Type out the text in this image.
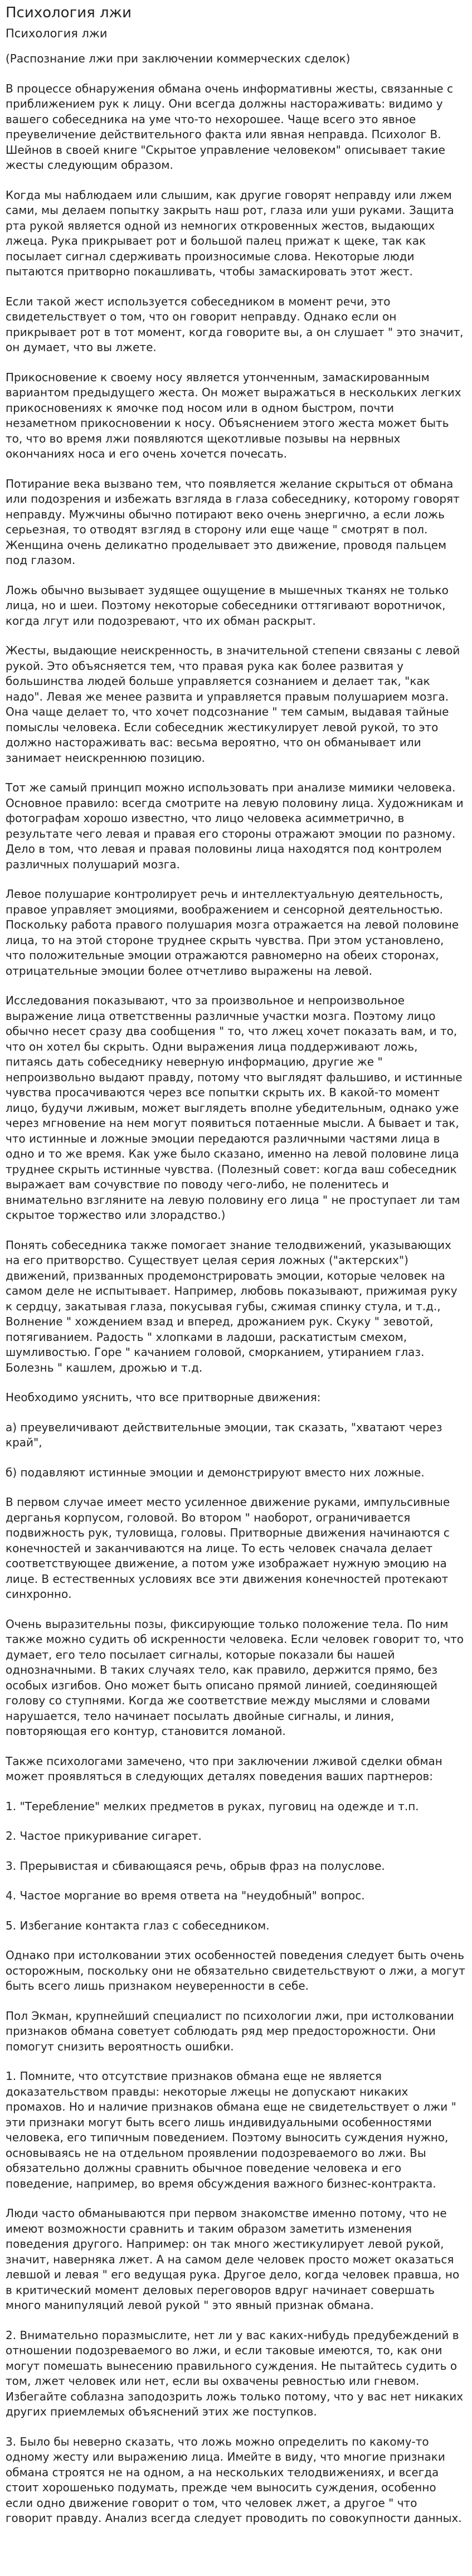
Психология лжи
Психология лжи

(Распознание лжи при заключении коммерческих сделок)

В процессе обнаружения обмана очень информативны жесты, связанные с приближением рук к лицу. Они всегда должны настораживать: видимо у вашего собеседника на уме что-то нехорошее. Чаще всего это явное преувеличение действительного факта или явная неправда. Психолог В. Шейнов в своей книге "Скрытое управление человеком" описывает такие жесты следующим образом.

Когда мы наблюдаем или слышим, как другие говорят неправду или лжем сами, мы делаем попытку закрыть наш рот, глаза или уши руками. Защита рта рукой является одной из немногих откровенных жестов, выдающих лжеца. Рука прикрывает рот и большой палец прижат к щеке, так как посылает сигнал сдерживать произносимые слова. Некоторые люди пытаются притворно покашливать, чтобы замаскировать этот жест.

Если такой жест используется собеседником в момент речи, это свидетельствует о том, что он говорит неправду. Однако если он прикрывает рот в тот момент, когда говорите вы, а он слушает " это значит, он думает, что вы лжете.

Прикосновение к своему носу является утонченным, замаскированным вариантом предыдущего жеста. Он может выражаться в нескольких легких прикосновениях к ямочке под носом или в одном быстром, почти незаметном прикосновении к носу. Объяснением этого жеста может быть то, что во время лжи появляются щекотливые позывы на нервных окончаниях носа и его очень хочется почесать.

Потирание века вызвано тем, что появляется желание скрыться от обмана или подозрения и избежать взгляда в глаза собеседнику, которому говорят неправду. Мужчины обычно потирают веко очень энергично, а если ложь серьезная, то отводят взгляд в сторону или еще чаще " смотрят в пол. Женщина очень деликатно проделывает это движение, проводя пальцем под глазом.

Ложь обычно вызывает зудящее ощущение в мышечных тканях не только лица, но и шеи. Поэтому некоторые собеседники оттягивают воротничок, когда лгут или подозревают, что их обман раскрыт.

Жесты, выдающие неискренность, в значительной степени связаны с левой рукой. Это объясняется тем, что правая рука как более развитая у большинства людей больше управляется сознанием и делает так, "как надо". Левая же менее развита и управляется правым полушарием мозга. Она чаще делает то, что хочет подсознание " тем самым, выдавая тайные помыслы человека. Если собеседник жестикулирует левой рукой, то это должно настораживать вас: весьма вероятно, что он обманывает или занимает неискреннюю позицию.

Тот же самый принцип можно использовать при анализе мимики человека. Основное правило: всегда смотрите на левую половину лица. Художникам и фотографам хорошо известно, что лицо человека асимметрично, в результате чего левая и правая его стороны отражают эмоции по разному. Дело в том, что левая и правая половины лица находятся под контролем различных полушарий мозга.

Левое полушарие контролирует речь и интеллектуальную деятельность, правое управляет эмоциями, воображением и сенсорной деятельностью. Поскольку работа правого полушария мозга отражается на левой половине лица, то на этой стороне труднее скрыть чувства. При этом установлено, что положительные эмоции отражаются равномерно на обеих сторонах, отрицательные эмоции более отчетливо выражены на левой.

Исследования показывают, что за произвольное и непроизвольное выражение лица ответственны различные участки мозга. Поэтому лицо обычно несет сразу два сообщения " то, что лжец хочет показать вам, и то, что он хотел бы скрыть. Одни выражения лица поддерживают ложь, питаясь дать собеседнику неверную информацию, другие же " непроизвольно выдают правду, потому что выглядят фальшиво, и истинные чувства просачиваются через все попытки скрыть их. В какой-то момент лицо, будучи лживым, может выглядеть вполне убедительным, однако уже через мгновение на нем могут появиться потаенные мысли. А бывает и так, что истинные и ложные эмоции передаются различными частями лица в одно и то же время. Как уже было сказано, именно на левой половине лица труднее скрыть истинные чувства. (Полезный совет: когда ваш собеседник выражает вам сочувствие по поводу чего-либо, не поленитесь и внимательно взгляните на левую половину его лица " не проступает ли там скрытое торжество или злорадство.)

Понять собеседника также помогает знание телодвижений, указывающих на его притворство. Существует целая серия ложных ("актерских") движений, призванных продемонстрировать эмоции, которые человек на самом деле не испытывает. Например, любовь показывают, прижимая руку к сердцу, закатывая глаза, покусывая губы, сжимая спинку стула, и т.д., Волнение " хождением взад и вперед, дрожанием рук. Скуку " зевотой, потягиванием. Радость " хлопками в ладоши, раскатистым смехом, шумливостью. Горе " качанием головой, сморканием, утиранием глаз. Болезнь " кашлем, дрожью и т.д.

Необходимо уяснить, что все притворные движения:

а) преувеличивают действительные эмоции, так сказать, "хватают через край",

б) подавляют истинные эмоции и демонстрируют вместо них ложные.

В первом случае имеет место усиленное движение руками, импульсивные дерганья корпусом, головой. Во втором " наоборот, ограничивается подвижность рук, туловища, головы. Притворные движения начинаются с конечностей и заканчиваются на лице. То есть человек сначала делает соответствующее движение, а потом уже изображает нужную эмоцию на лице. В естественных условиях все эти движения конечностей протекают синхронно.

Очень выразительны позы, фиксирующие только положение тела. По ним также можно судить об искренности человека. Если человек говорит то, что думает, его тело посылает сигналы, которые показали бы нашей однозначными. В таких случаях тело, как правило, держится прямо, без особых изгибов. Оно может быть описано прямой линией, соединяющей голову со ступнями. Когда же соответствие между мыслями и словами нарушается, тело начинает посылать двойные сигналы, и линия, повторяющая его контур, становится ломаной.

Также психологами замечено, что при заключении лживой сделки обман может проявляться в следующих деталях поведения ваших партнеров:

1. "Теребление" мелких предметов в руках, пуговиц на одежде и т.п.

2. Частое прикуривание сигарет.

3. Прерывистая и сбивающаяся речь, обрыв фраз на полуслове.

4. Частое моргание во время ответа на "неудобный" вопрос.

5. Избегание контакта глаз с собеседником.

Однако при истолковании этих особенностей поведения следует быть очень осторожным, поскольку они не обязательно свидетельствуют о лжи, а могут быть всего лишь признаком неуверенности в себе.

Пол Экман, крупнейший специалист по психологии лжи, при истолковании признаков обмана советует соблюдать ряд мер предосторожности. Они помогут снизить вероятность ошибки.

1. Помните, что отсутствие признаков обмана еще не является доказательством правды: некоторые лжецы не допускают никаких промахов. Но и наличие признаков обмана еще не свидетельствует о лжи " эти признаки могут быть всего лишь индивидуальными особенностями человека, его типичным поведением. Поэтому выносить суждения нужно, основываясь не на отдельном проявлении подозреваемого во лжи. Вы обязательно должны сравнить обычное поведение человека и его поведение, например, во время обсуждения важного бизнес-контракта.

Люди часто обманываются при первом знакомстве именно потому, что не имеют возможности сравнить и таким образом заметить изменения поведения другого. Например: он так много жестикулирует левой рукой, значит, наверняка лжет. А на самом деле человек просто может оказаться левшой и левая " его ведущая рука. Другое дело, когда человек правша, но в критический момент деловых переговоров вдруг начинает совершать много манипуляций левой рукой " это явный признак обмана.

2. Внимательно поразмыслите, нет ли у вас каких-нибудь предубеждений в отношении подозреваемого во лжи, и если таковые имеются, то, как они могут помешать вынесению правильного суждения. Не пытайтесь судить о том, лжет человек или нет, если вы охвачены ревностью или гневом. Избегайте соблазна заподозрить ложь только потому, что у вас нет никаких других приемлемых объяснений этих же поступков.

3. Было бы неверно сказать, что ложь можно определить по какому-то одному жесту или выражению лица. Имейте в виду, что многие признаки обмана строятся не на одном, а на нескольких телодвижениях, и всегда стоит хорошенько подумать, прежде чем выносить суждения, особенно если одно движение говорит о том, что человек лжет, а другое " что говорит правду. Анализ всегда следует проводить по совокупности данных.
